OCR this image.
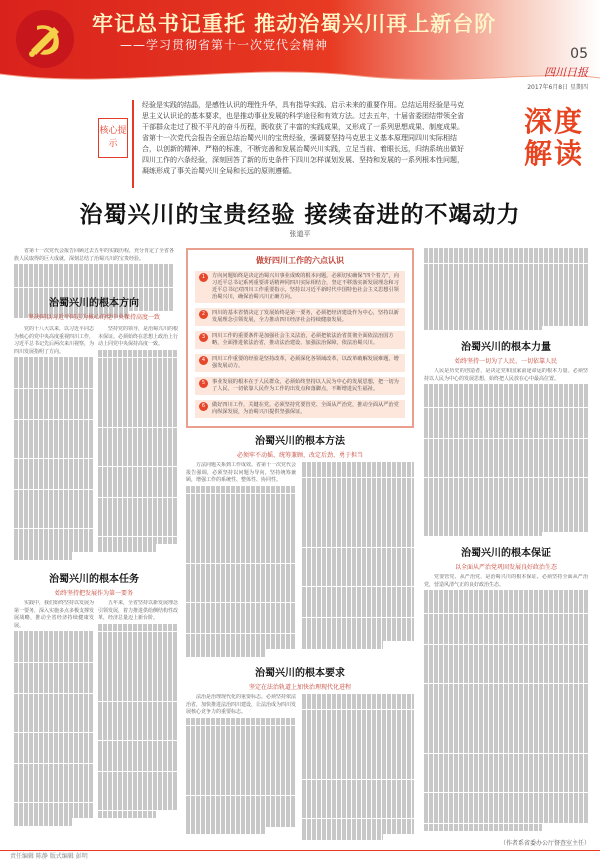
牢记总书记重托 推动治蜀兴川再上新台阶
——学习贯彻省第十一次党代会精神
05
四川日报
2017年6月8日 星期四
深度解读
核心提示
经验是实践的结晶，是感性认识的理性升华，具有指导实践、启示未来的重要作用。总结运用经验是马克思主义认识论的基本要求，也是推动事业发展的科学途径和有效方法。过去五年，十届省委团结带领全省干部群众走过了极不平凡的奋斗历程，既收获了丰富的实践成果，又形成了一系列思想成果、制度成果。省第十一次党代会报告全面总结治蜀兴川的宝贵经验，强调要坚持马克思主义基本原理同四川实际相结合，以创新的精神、严格的标准，不断完善和发展治蜀兴川实践，立足当前、着眼长远，归纳系统出做好四川工作的六条经验，深刻回答了新的历史条件下四川怎样谋划发展、坚持和发展的一系列根本性问题，凝练形成了事关治蜀兴川全局和长远的原则遵循。
治蜀兴川的宝贵经验 接续奋进的不竭动力
张道平

省第十一次党代会报告回顾过去五年的实践历程，充分肯定了全省各族人民取得的巨大成就，深刻总结了治蜀兴川的宝贵经验。

治蜀兴川的根本方向
坚决同以习近平同志为核心的党中央保持高度一致

党的十八大以来，以习近平同志为核心的党中央高度重视四川工作，习近平总书记先后两次来川视察，为四川发展指明了方向。

坚持党的领导，是治蜀兴川的根本保证。必须始终在思想上政治上行动上同党中央保持高度一致。

治蜀兴川的根本任务
始终坚持把发展作为第一要务

实践中，我们始终坚持以发展为第一要务，深入实施多点多极支撑发展战略，推动全省经济持续健康发展。

五年来，全省坚持以新发展理念引领发展，着力推进供给侧结构性改革，经济总量迈上新台阶。

做好四川工作的六点认识
1	方向问题始终是决定治蜀兴川事业成败的根本问题，必须切实确保“四个着力”，向习近平总书记系列重要讲话精神同四川实际相结合，坚定不移落实新发展理念和习近平总书记对四川工作重要指示，坚持以习近平新时代中国特色社会主义思想引领治蜀兴川，确保治蜀兴川正确方向。
2	四川的基本省情决定了发展始终是第一要务，必须把经济建设作为中心，坚持以新发展理念引领发展，全力推动四川经济社会持续健康发展。
3	四川工作的重要条件是加强社会主义法治，必须把依法治省贯彻全面依法治国方略，全面推进依法治省，推动法治建设、加强法治保障，依法治蜀兴川。
4	四川工作重要的经验是坚持改革，必须深化各领域改革，以改革破解发展难题，增强发展动力。
5	事业发展的根本在于人民群众，必须始终坚持以人民为中心的发展思想，把一切为了人民、一切依靠人民作为工作的出发点和落脚点，不断增进民生福祉。
6	做好四川工作，关键在党。必须坚持党要管党、全面从严治党，推动全面从严治党向纵深发展，为治蜀兴川提供坚强保证。
治蜀兴川的根本方法
必须牢不动摇、统筹兼顾、改定后劲、勇于担当

方法问题关系到工作成效。省第十一次党代会报告强调，必须坚持以问题为导向，坚持统筹兼顾，增强工作的系统性、整体性、协同性。

治蜀兴川的根本要求
坚定在法治轨道上加快治理现代化进程

法治是治理现代化的重要标志。必须坚持依法治省，加快推进法治四川建设，让法治成为四川发展核心竞争力的重要标志。

治蜀兴川的根本力量
始终坚持一切为了人民、一切依靠人民

人民是历史的创造者，是决定党和国家前途命运的根本力量。必须坚持以人民为中心的发展思想，始终把人民放在心中最高位置。

治蜀兴川的根本保证
以全面从严治党巩固发展良好政治生态

党要管党、从严治党，是治蜀兴川的根本保证。必须坚持全面从严治党，营造风清气正的良好政治生态。

（作者系省委办公厅督查室主任）
责任编辑 陈静 版式编辑 彭明
